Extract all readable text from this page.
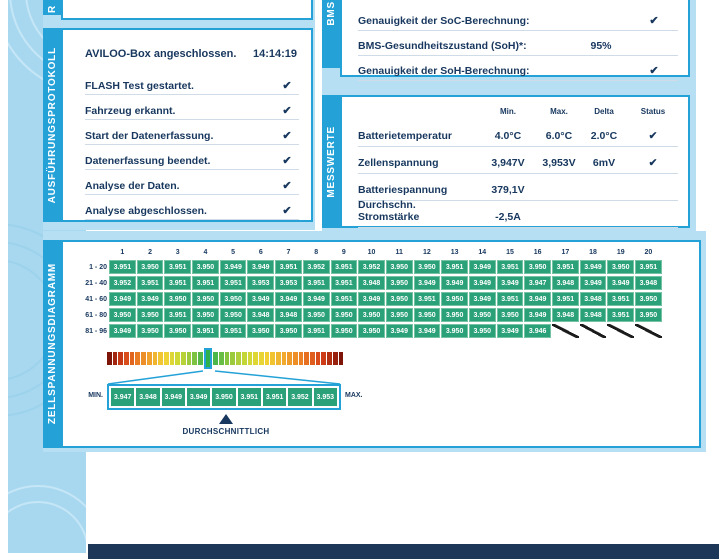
R
AUSFÜHRUNGSPROTOKOLL AVILOO-Box angeschlossen. 14:14:19
FLASH Test gestartet.	✔
Fahrzeug erkannt.	✔
Start der Datenerfassung.	✔
Datenerfassung beendet.	✔
Analyse der Daten.	✔
Analyse abgeschlossen.	✔
BMS Genauigkeit der SoC-Berechnung:	✔
BMS-Gesundheitszustand (SoH)*:	95%
Genauigkeit der SoH-Berechnung:	✔
MESSWERTE
Min.	Max.	Delta	Status
Batterietemperatur	4.0°C	6.0°C	2.0°C	✔
Zellenspannung	3,947V	3,953V	6mV	✔
Batteriespannung	379,1V
Durchschn. Stromstärke	-2,5A
ZELLSPANNUNGSDIAGRAMM
1	2	3	4	5	6	7	8	9	10	11	12	13	14	15	16	17	18	19	20
1 - 20 3.951	3.950	3.951	3.950	3.949	3.949	3.951	3.952	3.951	3.952	3.950	3.950	3.951	3.949	3.951	3.950	3.951	3.949	3.950	3.951
21 - 40 3.952	3.951	3.951	3.951	3.951	3.953	3.953	3.951	3.951	3.948	3.950	3.949	3.949	3.949	3.949	3.947	3.948	3.949	3.949	3.948
41 - 60 3.949	3.949	3.950	3.950	3.950	3.949	3.949	3.949	3.951	3.949	3.950	3.951	3.950	3.949	3.951	3.949	3.951	3.948	3.951	3.950
61 - 80 3.950	3.950	3.951	3.950	3.950	3.948	3.948	3.950	3.950	3.950	3.950	3.950	3.950	3.950	3.950	3.949	3.948	3.948	3.951	3.950
81 - 96 3.949	3.950	3.950	3.951	3.951	3.950	3.950	3.951	3.950	3.950	3.949	3.949	3.950	3.950	3.949	3.946
MIN.	3.947	3.948	3.949	3.949	3.950	3.951	3.951	3.952	3.953	MAX.
DURCHSCHNITTLICH
